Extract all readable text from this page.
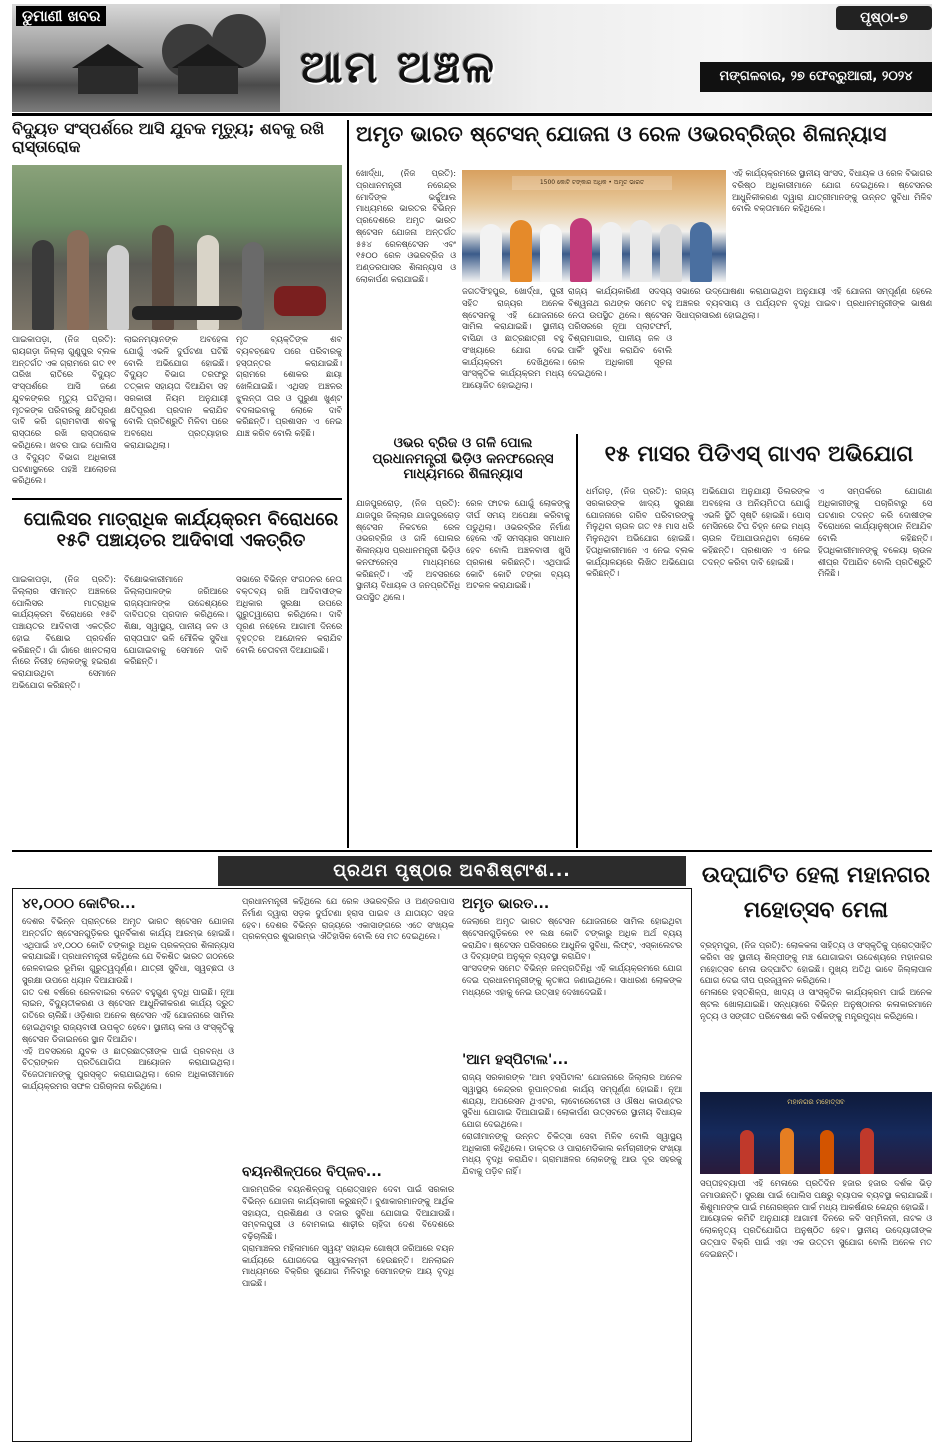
ଡୁମାଣୀ ଖବର
ଆମ ଅଞ୍ଚଳ
ପୃଷ୍ଠା-୭
ମଙ୍ଗଳବାର, ୨୭ ଫେବ୍ରୁଆରୀ, ୨୦୨୪
ବିଦ୍ୟୁତ ସଂସ୍ପର୍ଶରେ ଆସି ଯୁବକ ମୃତ୍ୟୁ; ଶବକୁ ରଖି ରାସ୍ତାରୋକ
ପାଇକାପଡ଼ା, (ନିଜ ପ୍ରତି): ରାୟଗଡ଼ା ଜିଲ୍ଲା ଗୁଣୁପୁର ବ୍ଲକ ଅନ୍ତର୍ଗତ ଏକ ଗ୍ରାମରେ ଗତ ୧୧ ତାରିଖ ରାତିରେ ବିଦ୍ୟୁତ ସଂସ୍ପର୍ଶରେ ଆସି ଜଣେ ଯୁବକଙ୍କର ମୃତ୍ୟୁ ଘଟିଥିଲା। ମୃତକଙ୍କ ପରିବାରକୁ କ୍ଷତିପୂରଣ ଦାବି କରି ଗ୍ରାମବାସୀ ଶବକୁ ରାସ୍ତାରେ ରଖି ରାସ୍ତାରୋକ କରିଥିଲେ। ଖବର ପାଇ ପୋଲିସ ଓ ବିଦ୍ୟୁତ ବିଭାଗ ଅଧିକାରୀ ଘଟଣାସ୍ଥଳରେ ପହଞ୍ଚି ଆଲୋଚନା କରିଥିଲେ।
ଲାଇନମ୍ୟାନଙ୍କ ଅବହେଳା ଯୋଗୁଁ ଏଭଳି ଦୁର୍ଘଟଣା ଘଟିଛି ବୋଲି ଅଭିଯୋଗ ହୋଇଛି। ବିଦ୍ୟୁତ ବିଭାଗ ତରଫରୁ ତତ୍କାଳ ସହାୟତା ଦିଆଯିବା ସହ ସରକାରୀ ନିୟମ ଅନୁଯାୟୀ କ୍ଷତିପୂରଣ ପ୍ରଦାନ କରାଯିବ ବୋଲି ପ୍ରତିଶ୍ରୁତି ମିଳିବା ପରେ ଅବରୋଧ ପ୍ରତ୍ୟାହାର କରାଯାଇଥିଲା।
ମୃତ ବ୍ୟକ୍ତିଙ୍କ ଶବ ବ୍ୟବଚ୍ଛେଦ ପରେ ପରିବାରକୁ ହସ୍ତାନ୍ତର କରାଯାଇଛି। ଗ୍ରାମରେ ଶୋକର ଛାୟା ଖେଳିଯାଇଛି। ଏଥିସହ ଅଞ୍ଚଳର ଝୁଲନ୍ତା ତାର ଓ ପୁରୁଣା ଖୁଣ୍ଟ ବଦଳାଇବାକୁ ଲୋକେ ଦାବି କରିଛନ୍ତି। ପ୍ରଶାସନ ଏ ନେଇ ଯାଞ୍ଚ କରିବ ବୋଲି କହିଛି।
ପୋଲିସର ମାତ୍ରାଧିକ କାର୍ଯ୍ୟକ୍ରମ ବିରୋଧରେ ୧୫ଟି ପଞ୍ଚାୟତର ଆଦିବାସୀ ଏକତ୍ରିତ
ପାଇକାପଡ଼ା, (ନିଜ ପ୍ରତି): ଜିଲ୍ଲାର ସୀମାନ୍ତ ଅଞ୍ଚଳରେ ପୋଲିସର ମାତ୍ରାଧିକ କାର୍ଯ୍ୟକ୍ରମ ବିରୋଧରେ ୧୫ଟି ପଞ୍ଚାୟତର ଆଦିବାସୀ ଏକତ୍ରିତ ହୋଇ ବିକ୍ଷୋଭ ପ୍ରଦର୍ଶନ କରିଛନ୍ତି। ଗାଁ ଗାଁରେ ଖାନତଲାସ ନାଁରେ ନିରୀହ ଲୋକଙ୍କୁ ହଇରାଣ କରାଯାଉଥିବା ସେମାନେ ଅଭିଯୋଗ କରିଛନ୍ତି।
ବିକ୍ଷୋଭକାରୀମାନେ ଜିଲ୍ଲାପାଳଙ୍କ ଜରିଆରେ ରାଜ୍ୟପାଳଙ୍କ ଉଦ୍ଦେଶ୍ୟରେ ଦାବିପତ୍ର ପ୍ରଦାନ କରିଥିଲେ। ଶିକ୍ଷା, ସ୍ୱାସ୍ଥ୍ୟ, ପାନୀୟ ଜଳ ଓ ରାସ୍ତାଘାଟ ଭଳି ମୌଳିକ ସୁବିଧା ଯୋଗାଇବାକୁ ସେମାନେ ଦାବି କରିଛନ୍ତି।
ସଭାରେ ବିଭିନ୍ନ ସଂଗଠନର ନେତା ବକ୍ତବ୍ୟ ରଖି ଆଦିବାସୀଙ୍କ ଅଧିକାର ସୁରକ୍ଷା ଉପରେ ଗୁରୁତ୍ୱାରୋପ କରିଥିଲେ। ଦାବି ପୂରଣ ନହେଲେ ଆଗାମୀ ଦିନରେ ବୃହତ୍ତର ଆନ୍ଦୋଳନ କରାଯିବ ବୋଲି ଚେତାବନୀ ଦିଆଯାଇଛି।
ଅମୃତ ଭାରତ ଷ୍ଟେସନ୍ ଯୋଜନା ଓ ରେଳ ଓଭରବ୍ରିଜ୍‌ର ଶିଳାନ୍ୟାସ
ଖୋର୍ଦ୍ଧା, (ନିଜ ପ୍ରତି): ପ୍ରଧାନମନ୍ତ୍ରୀ ନରେନ୍ଦ୍ର ମୋଦିଙ୍କ ଭର୍ଚ୍ଚୁଆଲ ମାଧ୍ୟମରେ ଭାରତର ବିଭିନ୍ନ ପ୍ରଦେଶରେ ଅମୃତ ଭାରତ ଷ୍ଟେସନ ଯୋଜନା ଅନ୍ତର୍ଗତ ୫୫୪ ରେଳଷ୍ଟେସନ ଏବଂ ୧୫୦୦ ରେଳ ଓଭରବ୍ରିଜ ଓ ଅଣ୍ଡରପାସର ଶିଳାନ୍ୟାସ ଓ ଲୋକାର୍ପଣ କରାଯାଇଛି।
1500 କୋଟି ଟଙ୍କାର ଅଧିକ • ଅମୃତ ଭାରତ
ଏହି କାର୍ଯ୍ୟକ୍ରମରେ ସ୍ଥାନୀୟ ସାଂସଦ, ବିଧାୟକ ଓ ରେଳ ବିଭାଗର ବରିଷ୍ଠ ଅଧିକାରୀମାନେ ଯୋଗ ଦେଇଥିଲେ। ଷ୍ଟେସନର ଆଧୁନିକୀକରଣ ଦ୍ୱାରା ଯାତ୍ରୀମାନଙ୍କୁ ଉନ୍ନତ ସୁବିଧା ମିଳିବ ବୋଲି ବକ୍ତାମାନେ କହିଥିଲେ।
ଜଗତସିଂହପୁର, ଖୋର୍ଦ୍ଧା, ପୁରୀ ସହିତ ରାଜ୍ୟର ଅନେକ ଷ୍ଟେସନକୁ ଏହି ଯୋଜନାରେ ସାମିଲ କରାଯାଇଛି। ସ୍ଥାନୀୟ ବାସିନ୍ଦା ଓ ଛାତ୍ରଛାତ୍ରୀ ବହୁ ସଂଖ୍ୟାରେ ଯୋଗ ଦେଇ କାର୍ଯ୍ୟକ୍ରମ ଦେଖିଥିଲେ। ସାଂସ୍କୃତିକ କାର୍ଯ୍ୟକ୍ରମ ମଧ୍ୟ ଆୟୋଜିତ ହୋଇଥିଲା।
ରାଜ୍ୟ କାର୍ଯ୍ୟକାରିଣୀ ସଦସ୍ୟ ବିଶ୍ୱନାଥ ରଥଙ୍କ ସମେତ ବହୁ ନେତା ଉପସ୍ଥିତ ଥିଲେ। ଷ୍ଟେସନ ପରିସରରେ ନୂଆ ପ୍ଲାଟଫର୍ମ, ବିଶ୍ରାମାଗାର, ପାନୀୟ ଜଳ ଓ ପାର୍କିଂ ସୁବିଧା କରାଯିବ ବୋଲି ରେଳ ଅଧିକାରୀ ସୂଚନା ଦେଇଥିଲେ।
ସଭାରେ ଉଦ୍‌ଘୋଷଣା କରାଯାଇଥିବା ଅନୁଯାୟୀ ଏହି ଯୋଜନା ସମ୍ପୂର୍ଣ୍ଣ ହେଲେ ଅଞ୍ଚଳର ବ୍ୟବସାୟ ଓ ପର୍ଯ୍ୟଟନ ବୃଦ୍ଧି ପାଇବ। ପ୍ରଧାନମନ୍ତ୍ରୀଙ୍କ ଭାଷଣ ସିଧାପ୍ରସାରଣ ହୋଇଥିଲା।
ଓଭର ବ୍ରିଜ ଓ ଗଳି ପୋଲ ପ୍ରଧାନମନ୍ତ୍ରୀ ଭିଡ଼ିଓ କନଫରେନ୍ସ ମାଧ୍ୟମରେ ଶିଳାନ୍ୟାସ
ଯାଜପୁରରୋଡ଼, (ନିଜ ପ୍ରତି): ଯାଜପୁର ଜିଲ୍ଲାର ଯାଜପୁରରୋଡ଼ ଷ୍ଟେସନ ନିକଟରେ ରେଳ ଓଭରବ୍ରିଜ ଓ ଗଳି ପୋଲର ଶିଳାନ୍ୟାସ ପ୍ରଧାନମନ୍ତ୍ରୀ ଭିଡ଼ିଓ କନଫରେନ୍ସ ମାଧ୍ୟମରେ କରିଛନ୍ତି। ଏହି ଅବସରରେ ସ୍ଥାନୀୟ ବିଧାୟକ ଓ ଜନପ୍ରତିନିଧି ଉପସ୍ଥିତ ଥିଲେ।
ରେଳ ଫାଟକ ଯୋଗୁଁ ଲୋକଙ୍କୁ ଦୀର୍ଘ ସମୟ ଅପେକ୍ଷା କରିବାକୁ ପଡୁଥିଲା। ଓଭରବ୍ରିଜ ନିର୍ମାଣ ହେଲେ ଏହି ସମସ୍ୟାର ସମାଧାନ ହେବ ବୋଲି ଅଞ୍ଚଳବାସୀ ଖୁସି ପ୍ରକାଶ କରିଛନ୍ତି। ଏଥିପାଇଁ କୋଟି କୋଟି ଟଙ୍କା ବ୍ୟୟ ଅଟକଳ କରାଯାଇଛି।
୧୫ ମାସର ପିଡିଏସ୍ ଗାଏବ ଅଭିଯୋଗ
ଧର୍ମଗଡ଼, (ନିଜ ପ୍ରତି): ରାଜ୍ୟ ସରକାରଙ୍କ ଖାଦ୍ୟ ସୁରକ୍ଷା ଯୋଜନାରେ ଗରିବ ପରିବାରଙ୍କୁ ମିଳୁଥିବା ଚାଉଳ ଗତ ୧୫ ମାସ ଧରି ମିଳୁନଥିବା ଅଭିଯୋଗ ହୋଇଛି। ହିତାଧିକାରୀମାନେ ଏ ନେଇ ବ୍ଲକ କାର୍ଯ୍ୟାଳୟରେ ଲିଖିତ ଅଭିଯୋଗ କରିଛନ୍ତି।
ଅଭିଯୋଗ ଅନୁଯାୟୀ ଡିଲରଙ୍କ ଅବହେଳା ଓ ଅନିୟମିତତା ଯୋଗୁଁ ଏଭଳି ସ୍ଥିତି ସୃଷ୍ଟି ହୋଇଛି। ପୋସ୍ ମେସିନରେ ଟିପ ଚିହ୍ନ ନେଇ ମଧ୍ୟ ଚାଉଳ ଦିଆଯାଉନଥିବା ଲୋକେ କହିଛନ୍ତି। ପ୍ରଶାସନ ଏ ନେଇ ତଦନ୍ତ କରିବା ଦାବି ହୋଇଛି।
ଏ ସମ୍ପର୍କରେ ଯୋଗାଣ ଅଧିକାରୀଙ୍କୁ ପଚାରିବାରୁ ସେ ଘଟଣାର ତଦନ୍ତ କରି ଦୋଷୀଙ୍କ ବିରୋଧରେ କାର୍ଯ୍ୟାନୁଷ୍ଠାନ ନିଆଯିବ ବୋଲି କହିଛନ୍ତି। ହିତାଧିକାରୀମାନଙ୍କୁ ବକେୟା ଚାଉଳ ଶୀଘ୍ର ଦିଆଯିବ ବୋଲି ପ୍ରତିଶ୍ରୁତି ମିଳିଛି।
ପ୍ରଥମ ପୃଷ୍ଠାର ଅବଶିଷ୍ଟାଂଶ...
୪୧,୦୦୦ କୋଟିର...
ଦେଶର ବିଭିନ୍ନ ପ୍ରାନ୍ତରେ ଅମୃତ ଭାରତ ଷ୍ଟେସନ ଯୋଜନା ଅନ୍ତର୍ଗତ ଷ୍ଟେସନଗୁଡ଼ିକର ପୁନର୍ବିକାଶ କାର୍ଯ୍ୟ ଆରମ୍ଭ ହୋଇଛି। ଏଥିପାଇଁ ୪୧,୦୦୦ କୋଟି ଟଙ୍କାରୁ ଅଧିକ ପ୍ରକଳ୍ପର ଶିଳାନ୍ୟାସ କରାଯାଇଛି। ପ୍ରଧାନମନ୍ତ୍ରୀ କହିଥିଲେ ଯେ ବିକଶିତ ଭାରତ ଗଠନରେ ରେଳବାଇର ଭୂମିକା ଗୁରୁତ୍ୱପୂର୍ଣ୍ଣ। ଯାତ୍ରୀ ସୁବିଧା, ସ୍ୱଚ୍ଛତା ଓ ସୁରକ୍ଷା ଉପରେ ଧ୍ୟାନ ଦିଆଯାଉଛି।
ଗତ ଦଶ ବର୍ଷରେ ରେଳବାଇର ବଜେଟ ବହୁଗୁଣ ବୃଦ୍ଧି ପାଇଛି। ନୂଆ ଲାଇନ, ବିଦ୍ୟୁତୀକରଣ ଓ ଷ୍ଟେସନ ଆଧୁନିକୀକରଣ କାର୍ଯ୍ୟ ଦ୍ରୁତ ଗତିରେ ଚାଲିଛି। ଓଡ଼ିଶାର ଅନେକ ଷ୍ଟେସନ ଏହି ଯୋଜନାରେ ସାମିଲ ହୋଇଥିବାରୁ ରାଜ୍ୟବାସୀ ଉପକୃତ ହେବେ। ସ୍ଥାନୀୟ କଳା ଓ ସଂସ୍କୃତିକୁ ଷ୍ଟେସନ ଡିଜାଇନରେ ସ୍ଥାନ ଦିଆଯିବ।
ଏହି ଅବସରରେ ଯୁବକ ଓ ଛାତ୍ରଛାତ୍ରୀଙ୍କ ପାଇଁ ପ୍ରବନ୍ଧ ଓ ଚିତ୍ରାଙ୍କନ ପ୍ରତିଯୋଗିତା ଆୟୋଜନ କରାଯାଇଥିଲା। ବିଜେତାମାନଙ୍କୁ ପୁରସ୍କୃତ କରାଯାଇଥିଲା। ରେଳ ଅଧିକାରୀମାନେ କାର୍ଯ୍ୟକ୍ରମର ସଫଳ ପରିଚାଳନା କରିଥିଲେ।
ପ୍ରଧାନମନ୍ତ୍ରୀ କହିଥିଲେ ଯେ ରେଳ ଓଭରବ୍ରିଜ ଓ ଅଣ୍ଡରପାସ ନିର୍ମାଣ ଦ୍ୱାରା ସଡ଼କ ଦୁର୍ଘଟଣା ହ୍ରାସ ପାଇବ ଓ ଯାତାୟତ ସହଜ ହେବ। ଦେଶର ବିଭିନ୍ନ ରାଜ୍ୟରେ ଏକାସାଙ୍ଗରେ ଏତେ ସଂଖ୍ୟକ ପ୍ରକଳ୍ପର ଶୁଭାରମ୍ଭ ଐତିହାସିକ ବୋଲି ସେ ମତ ଦେଇଥିଲେ।
ବୟନଶିଳ୍ପରେ ବିପ୍ଳବ...
ପାରମ୍ପରିକ ବୟନଶିଳ୍ପକୁ ପ୍ରୋତ୍ସାହନ ଦେବା ପାଇଁ ସରକାର ବିଭିନ୍ନ ଯୋଜନା କାର୍ଯ୍ୟକାରୀ କରୁଛନ୍ତି। ବୁଣାକାରମାନଙ୍କୁ ଆର୍ଥିକ ସହାୟତା, ପ୍ରଶିକ୍ଷଣ ଓ ବଜାର ସୁବିଧା ଯୋଗାଇ ଦିଆଯାଉଛି। ସମ୍ବଲପୁରୀ ଓ ବୋମକାଇ ଶାଢ଼ୀର ଚାହିଦା ଦେଶ ବିଦେଶରେ ବଢ଼ିଚାଲିଛି।
ଗ୍ରାମାଞ୍ଚଳର ମହିଳାମାନେ ସ୍ୱୟଂ ସହାୟକ ଗୋଷ୍ଠୀ ଜରିଆରେ ବୟନ କାର୍ଯ୍ୟରେ ଯୋଗଦେଇ ସ୍ୱାବଲମ୍ବୀ ହେଉଛନ୍ତି। ଅନଲାଇନ ମାଧ୍ୟମରେ ବିକ୍ରିର ସୁଯୋଗ ମିଳିବାରୁ ସେମାନଙ୍କ ଆୟ ବୃଦ୍ଧି ପାଇଛି।
ଅମୃତ ଭାରତ...
ଜେଲାରେ ଅମୃତ ଭାରତ ଷ୍ଟେସନ ଯୋଜନାରେ ସାମିଲ ହୋଇଥିବା ଷ୍ଟେସନଗୁଡ଼ିକରେ ୧୧ ଲକ୍ଷ କୋଟି ଟଙ୍କାରୁ ଅଧିକ ଅର୍ଥ ବ୍ୟୟ କରାଯିବ। ଷ୍ଟେସନ ପରିସରରେ ଆଧୁନିକ ସୁବିଧା, ଲିଫ୍ଟ, ଏସ୍କାଲେଟର ଓ ଦିବ୍ୟାଙ୍ଗ ଅନୁକୂଳ ବ୍ୟବସ୍ଥା କରାଯିବ।
ସାଂସଦଙ୍କ ସମେତ ବିଭିନ୍ନ ଜନପ୍ରତିନିଧି ଏହି କାର୍ଯ୍ୟକ୍ରମରେ ଯୋଗ ଦେଇ ପ୍ରଧାନମନ୍ତ୍ରୀଙ୍କୁ କୃତଜ୍ଞତା ଜଣାଇଥିଲେ। ସାଧାରଣ ଲୋକଙ୍କ ମଧ୍ୟରେ ଏହାକୁ ନେଇ ଉତ୍ସାହ ଦେଖାଦେଇଛି।
'ଆମ ହସ୍ପିଟାଲ'...
ରାଜ୍ୟ ସରକାରଙ୍କ 'ଆମ ହସ୍ପିଟାଲ' ଯୋଜନାରେ ଜିଲ୍ଲାର ଅନେକ ସ୍ୱାସ୍ଥ୍ୟ କେନ୍ଦ୍ରର ରୂପାନ୍ତରଣ କାର୍ଯ୍ୟ ସମ୍ପୂର୍ଣ୍ଣ ହୋଇଛି। ନୂଆ ଶଯ୍ୟା, ଅପରେସନ ଥିଏଟର, ଲାବୋରେଟୋରୀ ଓ ଔଷଧ କାଉଣ୍ଟର ସୁବିଧା ଯୋଗାଇ ଦିଆଯାଇଛି। ଲୋକାର୍ପଣ ଉତ୍ସବରେ ସ୍ଥାନୀୟ ବିଧାୟକ ଯୋଗ ଦେଇଥିଲେ।
ରୋଗୀମାନଙ୍କୁ ଉନ୍ନତ ଚିକିତ୍ସା ସେବା ମିଳିବ ବୋଲି ସ୍ୱାସ୍ଥ୍ୟ ଅଧିକାରୀ କହିଥିଲେ। ଡାକ୍ତର ଓ ପାରାମେଡିକାଲ କର୍ମଚାରୀଙ୍କ ସଂଖ୍ୟା ମଧ୍ୟ ବୃଦ୍ଧି କରାଯିବ। ଗ୍ରାମାଞ୍ଚଳର ଲୋକଙ୍କୁ ଆଉ ଦୂର ସହରକୁ ଯିବାକୁ ପଡ଼ିବ ନାହିଁ।
ଉଦ୍‌ଘାଟିତ ହେଲା ମହାନଗର ମହୋତ୍ସବ ମେଳା
ବ୍ରହ୍ମପୁର, (ନିଜ ପ୍ରତି): ଲୋକକଳା ସାହିତ୍ୟ ଓ ସଂସ୍କୃତିକୁ ପ୍ରୋତ୍ସାହିତ କରିବା ସହ ସ୍ଥାନୀୟ ଶିଳ୍ପୀଙ୍କୁ ମଞ୍ଚ ଯୋଗାଇବା ଉଦ୍ଦେଶ୍ୟରେ ମହାନଗର ମହୋତ୍ସବ ମେଳା ଉଦ୍‌ଘାଟିତ ହୋଇଛି। ମୁଖ୍ୟ ଅତିଥି ଭାବେ ଜିଲ୍ଲାପାଳ ଯୋଗ ଦେଇ ଦୀପ ପ୍ରଜ୍ୱଳନ କରିଥିଲେ।
ମେଳାରେ ହସ୍ତଶିଳ୍ପ, ଖାଦ୍ୟ ଓ ସାଂସ୍କୃତିକ କାର୍ଯ୍ୟକ୍ରମ ପାଇଁ ଅନେକ ଷ୍ଟଲ ଖୋଲାଯାଇଛି। ସନ୍ଧ୍ୟାରେ ବିଭିନ୍ନ ଅନୁଷ୍ଠାନର କଳାକାରମାନେ ନୃତ୍ୟ ଓ ସଙ୍ଗୀତ ପରିବେଷଣ କରି ଦର୍ଶକଙ୍କୁ ମନ୍ତ୍ରମୁଗ୍ଧ କରିଥିଲେ।
ମହାନଗର ମହୋତ୍ସବ
ସପ୍ତାହବ୍ୟାପୀ ଏହି ମେଳାରେ ପ୍ରତିଦିନ ହଜାର ହଜାର ଦର୍ଶକ ଭିଡ଼ ଜମାଉଛନ୍ତି। ସୁରକ୍ଷା ପାଇଁ ପୋଲିସ ପକ୍ଷରୁ ବ୍ୟାପକ ବ୍ୟବସ୍ଥା କରାଯାଇଛି। ଶିଶୁମାନଙ୍କ ପାଇଁ ମନୋରଞ୍ଜନ ପାର୍କ ମଧ୍ୟ ଆକର୍ଷଣର କେନ୍ଦ୍ର ହୋଇଛି।
ଆୟୋଜକ କମିଟି ଅନୁଯାୟୀ ଆଗାମୀ ଦିନରେ କବି ସମ୍ମିଳନୀ, ନାଟକ ଓ ଲୋକନୃତ୍ୟ ପ୍ରତିଯୋଗିତା ଅନୁଷ୍ଠିତ ହେବ। ସ୍ଥାନୀୟ ଉଦ୍ୟୋଗୀଙ୍କ ଉତ୍ପାଦ ବିକ୍ରି ପାଇଁ ଏହା ଏକ ଉତ୍ତମ ସୁଯୋଗ ବୋଲି ଅନେକ ମତ ଦେଇଛନ୍ତି।
